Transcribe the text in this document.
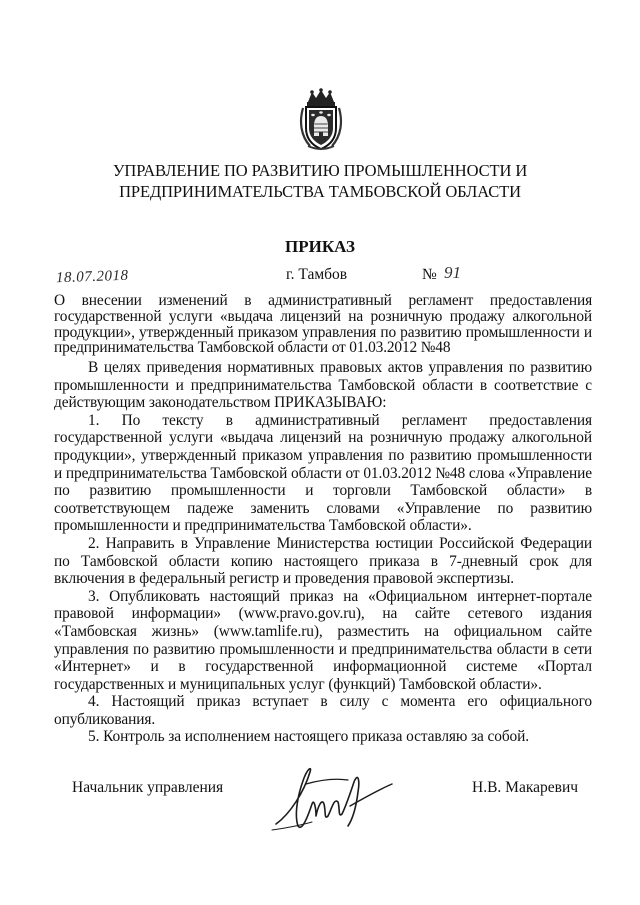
УПРАВЛЕНИЕ ПО РАЗВИТИЮ ПРОМЫШЛЕННОСТИ И
ПРЕДПРИНИМАТЕЛЬСТВА ТАМБОВСКОЙ ОБЛАСТИ
ПРИКАЗ
18.07.2018	г. Тамбов	№ 91
О внесении изменений в административный регламент предоставления государственной услуги «выдача лицензий на розничную продажу алкогольной продукции», утвержденный приказом управления по развитию промышленности и предпринимательства Тамбовской области от 01.03.2012 №48

В целях приведения нормативных правовых актов управления по развитию промышленности и предпринимательства Тамбовской области в соответствие с действующим законодательством ПРИКАЗЫВАЮ:

1. По тексту в административный регламент предоставления государственной услуги «выдача лицензий на розничную продажу алкогольной продукции», утвержденный приказом управления по развитию промышленности и предпринимательства Тамбовской области от 01.03.2012 №48 слова «Управление по развитию промышленности и торговли Тамбовской области» в соответствующем падеже заменить словами «Управление по развитию промышленности и предпринимательства Тамбовской области».

2. Направить в Управление Министерства юстиции Российской Федерации по Тамбовской области копию настоящего приказа в 7-дневный срок для включения в федеральный регистр и проведения правовой экспертизы.

3. Опубликовать настоящий приказ на «Официальном интернет-портале правовой информации» (www.pravo.gov.ru), на сайте сетевого издания «Тамбовская жизнь» (www.tamlife.ru), разместить на официальном сайте управления по развитию промышленности и предпринимательства области в сети «Интернет» и в государственной информационной системе «Портал государственных и муниципальных услуг (функций) Тамбовской области».

4. Настоящий приказ вступает в силу с момента его официального опубликования.

5. Контроль за исполнением настоящего приказа оставляю за собой.

Начальник управления	Н.В. Макаревич
